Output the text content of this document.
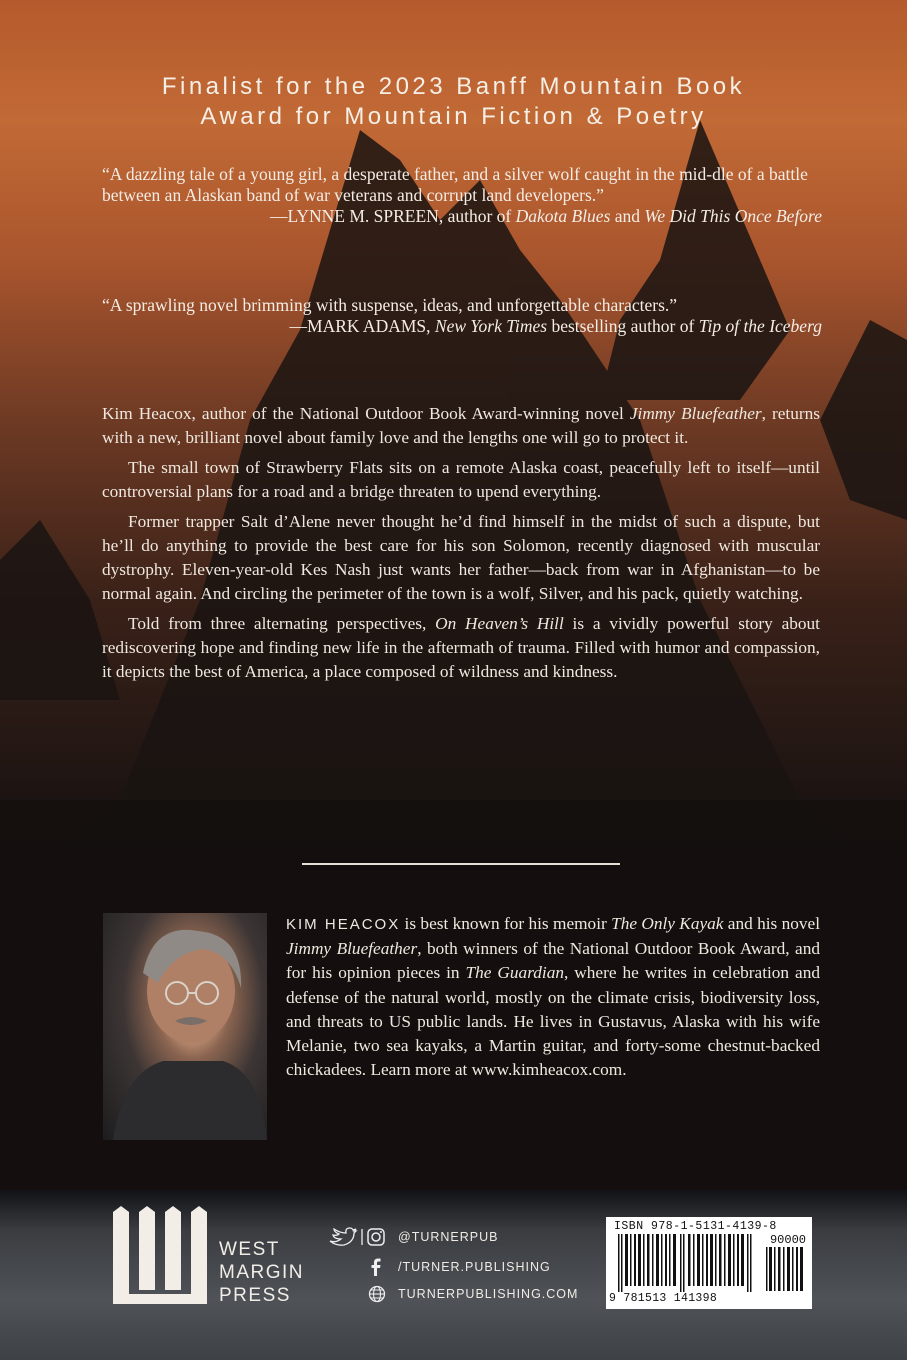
Finalist for the 2023 Banff Mountain Book
Award for Mountain Fiction & Poetry
“A dazzling tale of a young girl, a desperate father, and a silver wolf caught in the mid-dle of a battle between an Alaskan band of war veterans and corrupt land developers.”
—LYNNE M. SPREEN, author of Dakota Blues and We Did This Once Before
“A sprawling novel brimming with suspense, ideas, and unforgettable characters.”
—MARK ADAMS, New York Times bestselling author of Tip of the Iceberg

Kim Heacox, author of the National Outdoor Book Award-winning novel Jimmy Bluefeather, returns with a new, brilliant novel about family love and the lengths one will go to protect it.

The small town of Strawberry Flats sits on a remote Alaska coast, peacefully left to itself—until controversial plans for a road and a bridge threaten to upend everything.

Former trapper Salt d’Alene never thought he’d find himself in the midst of such a dispute, but he’ll do anything to provide the best care for his son Solomon, recently diagnosed with muscular dystrophy. Eleven-year-old Kes Nash just wants her father—back from war in Afghanistan—to be normal again. And circling the perimeter of the town is a wolf, Silver, and his pack, quietly watching.

Told from three alternating perspectives, On Heaven’s Hill is a vividly powerful story about rediscovering hope and finding new life in the aftermath of trauma. Filled with humor and compassion, it depicts the best of America, a place composed of wildness and kindness.

KIM HEACOX is best known for his memoir The Only Kayak and his novel Jimmy Bluefeather, both winners of the National Outdoor Book Award, and for his opinion pieces in The Guardian, where he writes in celebration and defense of the natural world, mostly on the climate crisis, biodiversity loss, and threats to US public lands. He lives in Gustavus, Alaska with his wife Melanie, two sea kayaks, a Martin guitar, and forty-some chestnut-backed chickadees. Learn more at www.kimheacox.com.
WEST
MARGIN
PRESS
@TURNERPUB
/TURNER.PUBLISHING
TURNERPUBLISHING.COM
ISBN 978-1-5131-4139-8
90000
9 781513 141398
